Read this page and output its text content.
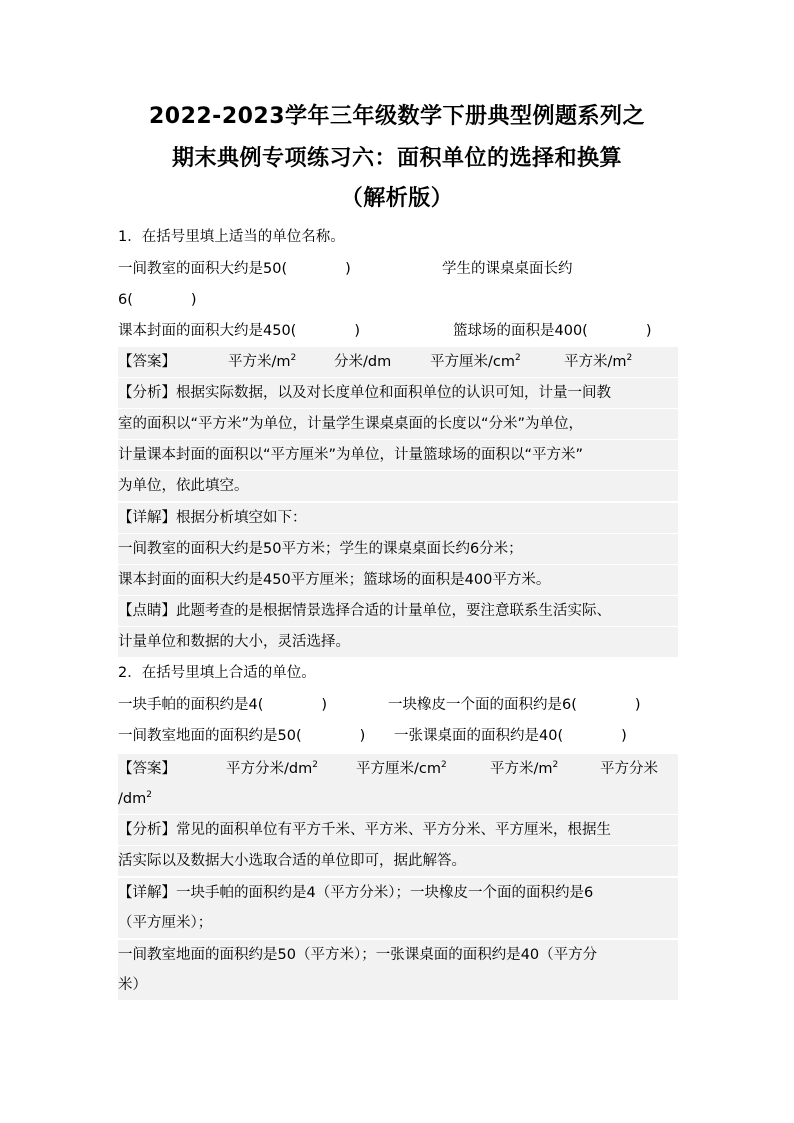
2022-2023学年三年级数学下册典型例题系列之
期末典例专项练习六：面积单位的选择和换算
（解析版）
1．在括号里填上适当的单位名称。
一间教室的面积大约是50(　　　　)	学生的课桌桌面长约
6(　　　　)
课本封面的面积大约是450(　　　　)	篮球场的面积是400(　　　　)
【答案】	平方米$/m^2$	分米/dm	平方厘米$/cm^2$	平方米$/m^2$
【分析】根据实际数据，以及对长度单位和面积单位的认识可知，计量一间教
室的面积以“平方米”为单位，计量学生课桌桌面的长度以“分米”为单位，
计量课本封面的面积以“平方厘米”为单位，计量篮球场的面积以“平方米”
为单位，依此填空。
【详解】根据分析填空如下：
一间教室的面积大约是50平方米；学生的课桌桌面长约6分米；
课本封面的面积大约是450平方厘米；篮球场的面积是400平方米。
【点睛】此题考查的是根据情景选择合适的计量单位，要注意联系生活实际、
计量单位和数据的大小，灵活选择。
2．在括号里填上合适的单位。
一块手帕的面积约是4(　　　　)	一块橡皮一个面的面积约是6(　　　　)
一间教室地面的面积约是50(　　　　) 一张课桌面的面积约是40(　　　　)
【答案】	平方分米$/dm^2$	平方厘米$/cm^2$	平方米$/m^2$	平方分米
$/dm^2$
【分析】常见的面积单位有平方千米、平方米、平方分米、平方厘米，根据生
活实际以及数据大小选取合适的单位即可，据此解答。
【详解】一块手帕的面积约是4（平方分米）；一块橡皮一个面的面积约是6
（平方厘米）；
一间教室地面的面积约是50（平方米）；一张课桌面的面积约是40（平方分
米）
